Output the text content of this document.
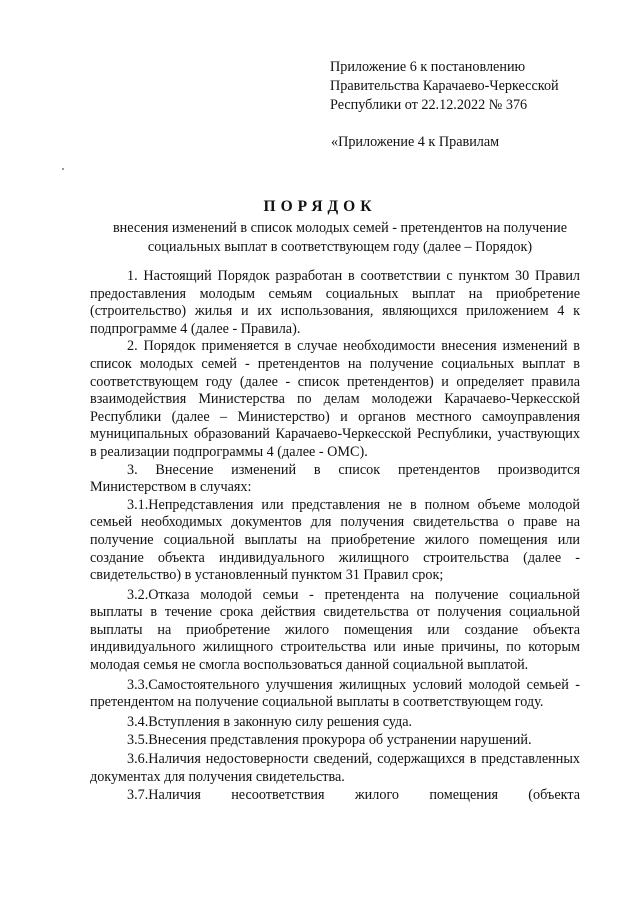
Приложение 6 к постановлению
Правительства Карачаево-Черкесской
Республики от 22.12.2022 № 376
«Приложение 4 к Правилам
ПОРЯДОК
внесения изменений в список молодых семей - претендентов на получение социальных выплат в соответствующем году (далее – Порядок)

1. Настоящий Порядок разработан в соответствии с пунктом 30 Правил предоставления молодым семьям социальных выплат на приобретение (строительство) жилья и их использования, являющихся приложением 4 к подпрограмме 4 (далее - Правила).

2. Порядок применяется в случае необходимости внесения изменений в список молодых семей - претендентов на получение социальных выплат в соответствующем году (далее - список претендентов) и определяет правила взаимодействия Министерства по делам молодежи Карачаево-Черкесской Республики (далее – Министерство) и органов местного самоуправления муниципальных образований Карачаево-Черкесской Республики, участвующих в реализации подпрограммы 4 (далее - ОМС).

3. Внесение изменений в список претендентов производится Министерством в случаях:

3.1.Непредставления или представления не в полном объеме молодой семьей необходимых документов для получения свидетельства о праве на получение социальной выплаты на приобретение жилого помещения или создание объекта индивидуального жилищного строительства (далее - свидетельство) в установленный пунктом 31 Правил срок;

3.2.Отказа молодой семьи - претендента на получение социальной выплаты в течение срока действия свидетельства от получения социальной выплаты на приобретение жилого помещения или создание объекта индивидуального жилищного строительства или иные причины, по которым молодая семья не смогла воспользоваться данной социальной выплатой.

3.3.Самостоятельного улучшения жилищных условий молодой семьей - претендентом на получение социальной выплаты в соответствующем году.

3.4.Вступления в законную силу решения суда.

3.5.Внесения представления прокурора об устранении нарушений.

3.6.Наличия недостоверности сведений, содержащихся в представленных документах для получения свидетельства.

3.7.Наличия несоответствия жилого помещения (объекта
